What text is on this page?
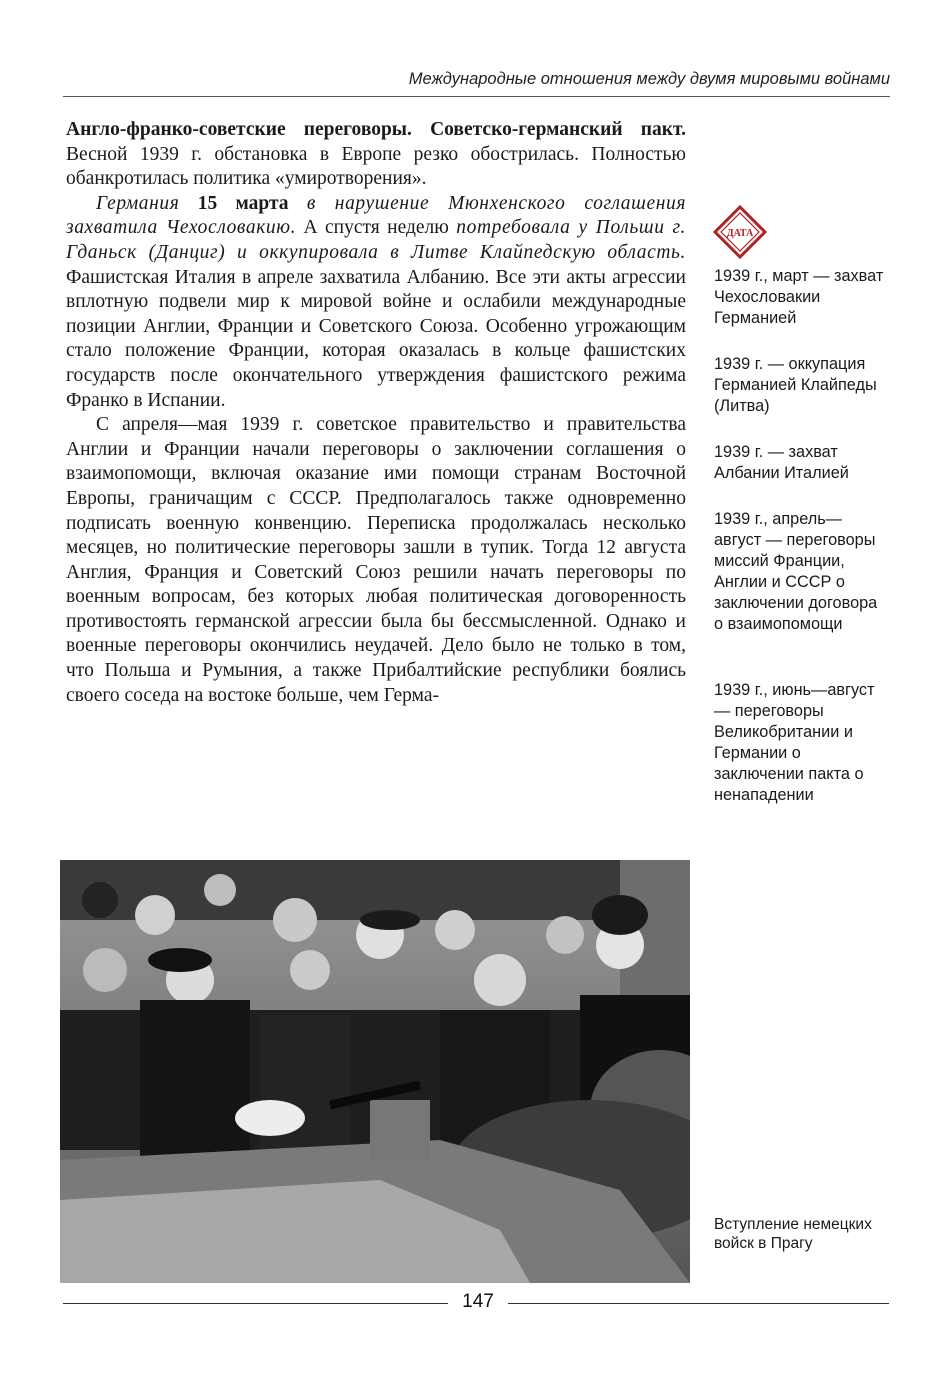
Международные отношения между двумя мировыми войнами

Англо-франко-советские переговоры. Советско-германский пакт. Весной 1939 г. обстановка в Европе резко обострилась. Полностью обанкротилась политика «умиротворения».

Германия 15 марта в нарушение Мюнхенского соглашения захватила Чехословакию. А спустя неделю потребовала у Польши г. Гданьск (Данциг) и оккупировала в Литве Клайпедскую область. Фашистская Италия в апреле захватила Албанию. Все эти акты агрессии вплотную подвели мир к мировой войне и ослабили международные позиции Англии, Франции и Советского Союза. Особенно угрожающим стало положение Франции, которая оказалась в кольце фашистских государств после окончательного утверждения фашистского режима Франко в Испании.

С апреля—мая 1939 г. советское правительство и правительства Англии и Франции начали переговоры о заключении соглашения о взаимопомощи, включая оказание ими помощи странам Восточной Европы, граничащим с СССР. Предполагалось также одновременно подписать военную конвенцию. Переписка продолжалась несколько месяцев, но политические переговоры зашли в тупик. Тогда 12 августа Англия, Франция и Советский Союз решили начать переговоры по военным вопросам, без которых любая политическая договоренность противостоять германской агрессии была бы бессмысленной. Однако и военные переговоры окончились неудачей. Дело было не только в том, что Польша и Румыния, а также Прибалтийские республики боялись своего соседа на востоке больше, чем Герма-

ДАТА
1939 г., март — захват Чехословакии Германией
1939 г. — оккупация Германией Клайпеды (Литва)
1939 г. — захват Албании Италией
1939 г., апрель—август — переговоры миссий Франции, Англии и СССР о заключении договора о взаимопомощи
1939 г., июнь—август — переговоры Великобритании и Германии о заключении пакта о ненападении
Вступление немецких войск в Прагу
147
